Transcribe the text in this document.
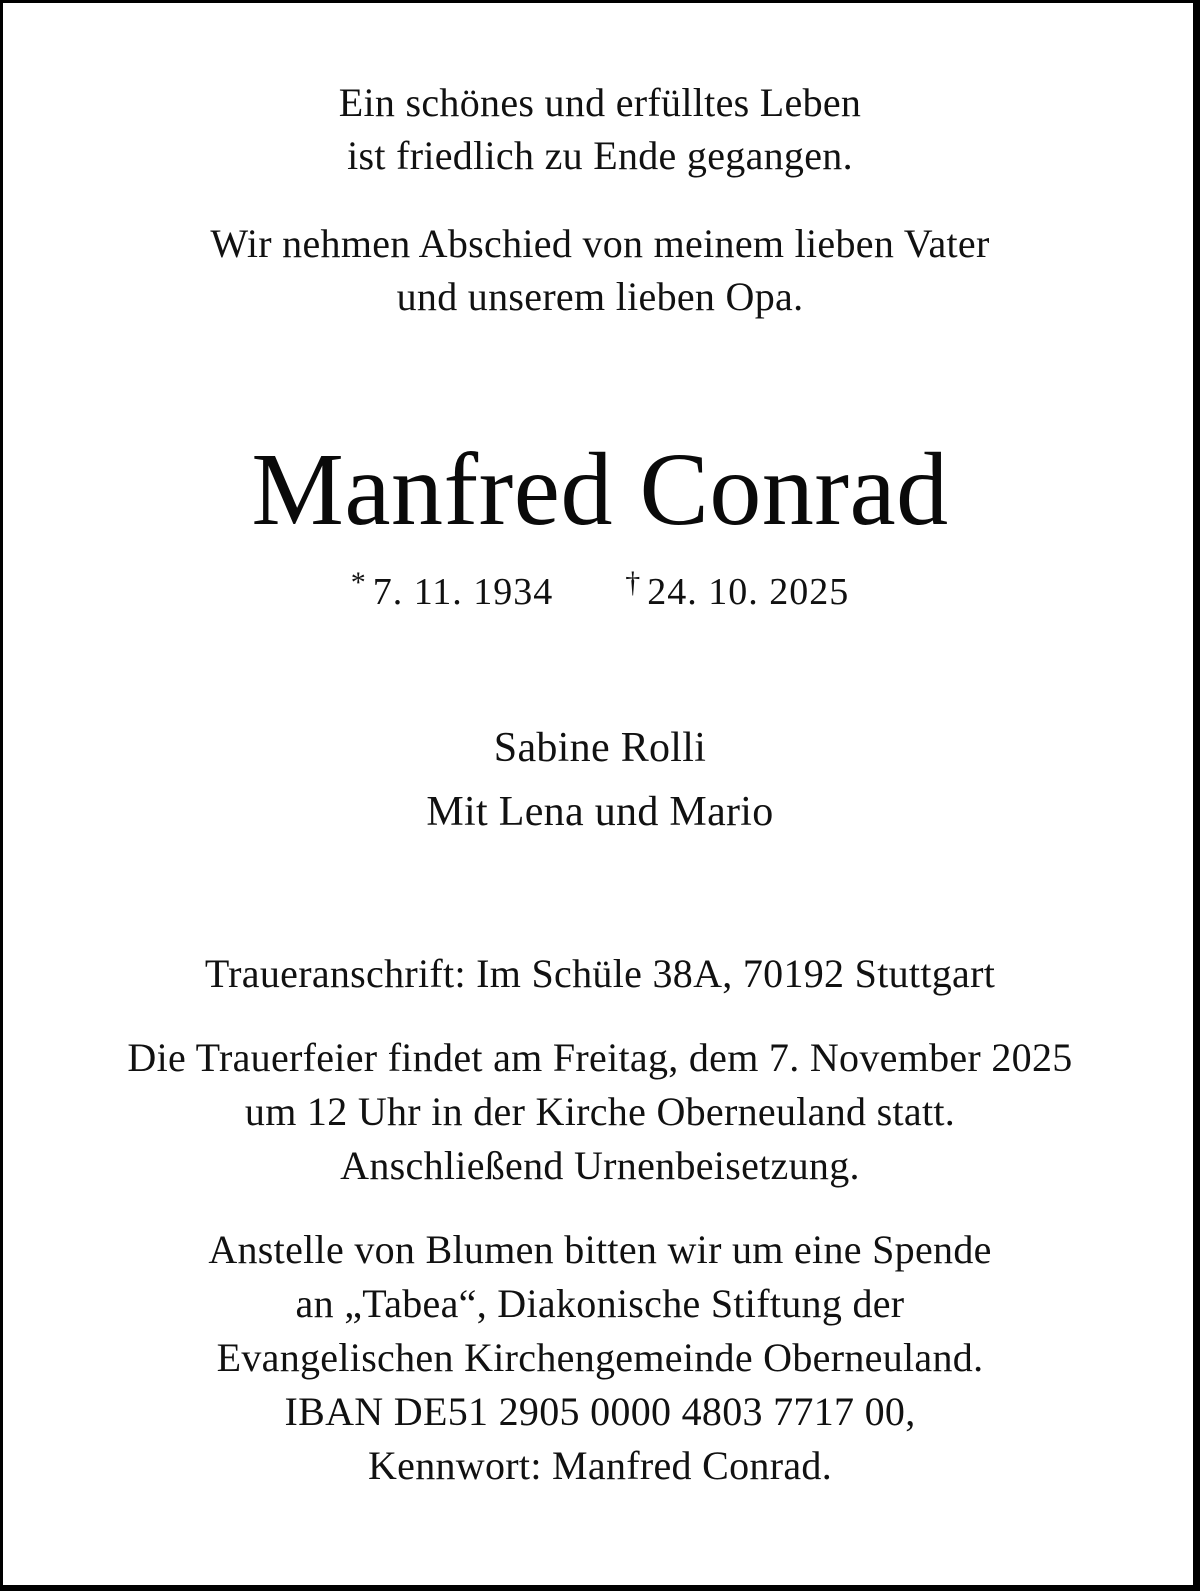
Ein schönes und erfülltes Leben
ist friedlich zu Ende gegangen.
Wir nehmen Abschied von meinem lieben Vater
und unserem lieben Opa.
Manfred Conrad
* 7. 11. 1934 † 24. 10. 2025
Sabine Rolli
Mit Lena und Mario
Traueranschrift: Im Schüle 38A, 70192 Stuttgart
Die Trauerfeier findet am Freitag, dem 7. November 2025
um 12 Uhr in der Kirche Oberneuland statt.
Anschließend Urnenbeisetzung.
Anstelle von Blumen bitten wir um eine Spende
an „Tabea“, Diakonische Stiftung der
Evangelischen Kirchengemeinde Oberneuland.
IBAN DE51 2905 0000 4803 7717 00,
Kennwort: Manfred Conrad.
